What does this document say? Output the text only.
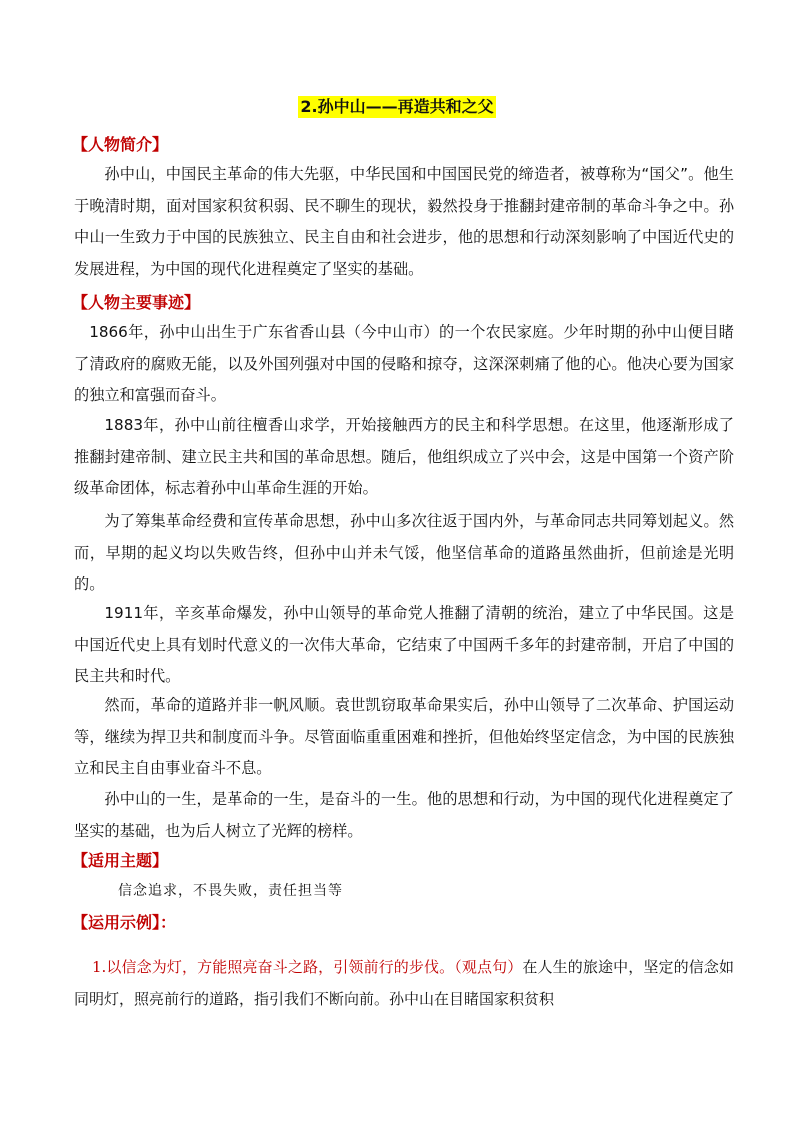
2.孙中山——再造共和之父
【人物简介】

孙中山，中国民主革命的伟大先驱，中华民国和中国国民党的缔造者，被尊称为“国父”。他生于晚清时期，面对国家积贫积弱、民不聊生的现状，毅然投身于推翻封建帝制的革命斗争之中。孙中山一生致力于中国的民族独立、民主自由和社会进步，他的思想和行动深刻影响了中国近代史的发展进程，为中国的现代化进程奠定了坚实的基础。

【人物主要事迹】

1866年，孙中山出生于广东省香山县（今中山市）的一个农民家庭。少年时期的孙中山便目睹了清政府的腐败无能，以及外国列强对中国的侵略和掠夺，这深深刺痛了他的心。他决心要为国家的独立和富强而奋斗。

1883年，孙中山前往檀香山求学，开始接触西方的民主和科学思想。在这里，他逐渐形成了推翻封建帝制、建立民主共和国的革命思想。随后，他组织成立了兴中会，这是中国第一个资产阶级革命团体，标志着孙中山革命生涯的开始。

为了筹集革命经费和宣传革命思想，孙中山多次往返于国内外，与革命同志共同筹划起义。然而，早期的起义均以失败告终，但孙中山并未气馁，他坚信革命的道路虽然曲折，但前途是光明的。

1911年，辛亥革命爆发，孙中山领导的革命党人推翻了清朝的统治，建立了中华民国。这是中国近代史上具有划时代意义的一次伟大革命，它结束了中国两千多年的封建帝制，开启了中国的民主共和时代。

然而，革命的道路并非一帆风顺。袁世凯窃取革命果实后，孙中山领导了二次革命、护国运动等，继续为捍卫共和制度而斗争。尽管面临重重困难和挫折，但他始终坚定信念，为中国的民族独立和民主自由事业奋斗不息。

孙中山的一生，是革命的一生，是奋斗的一生。他的思想和行动，为中国的现代化进程奠定了坚实的基础，也为后人树立了光辉的榜样。

【适用主题】
信念追求，不畏失败，责任担当等
【运用示例】：

1.以信念为灯，方能照亮奋斗之路，引领前行的步伐。（观点句）在人生的旅途中，坚定的信念如同明灯，照亮前行的道路，指引我们不断向前。孙中山在目睹国家积贫积
